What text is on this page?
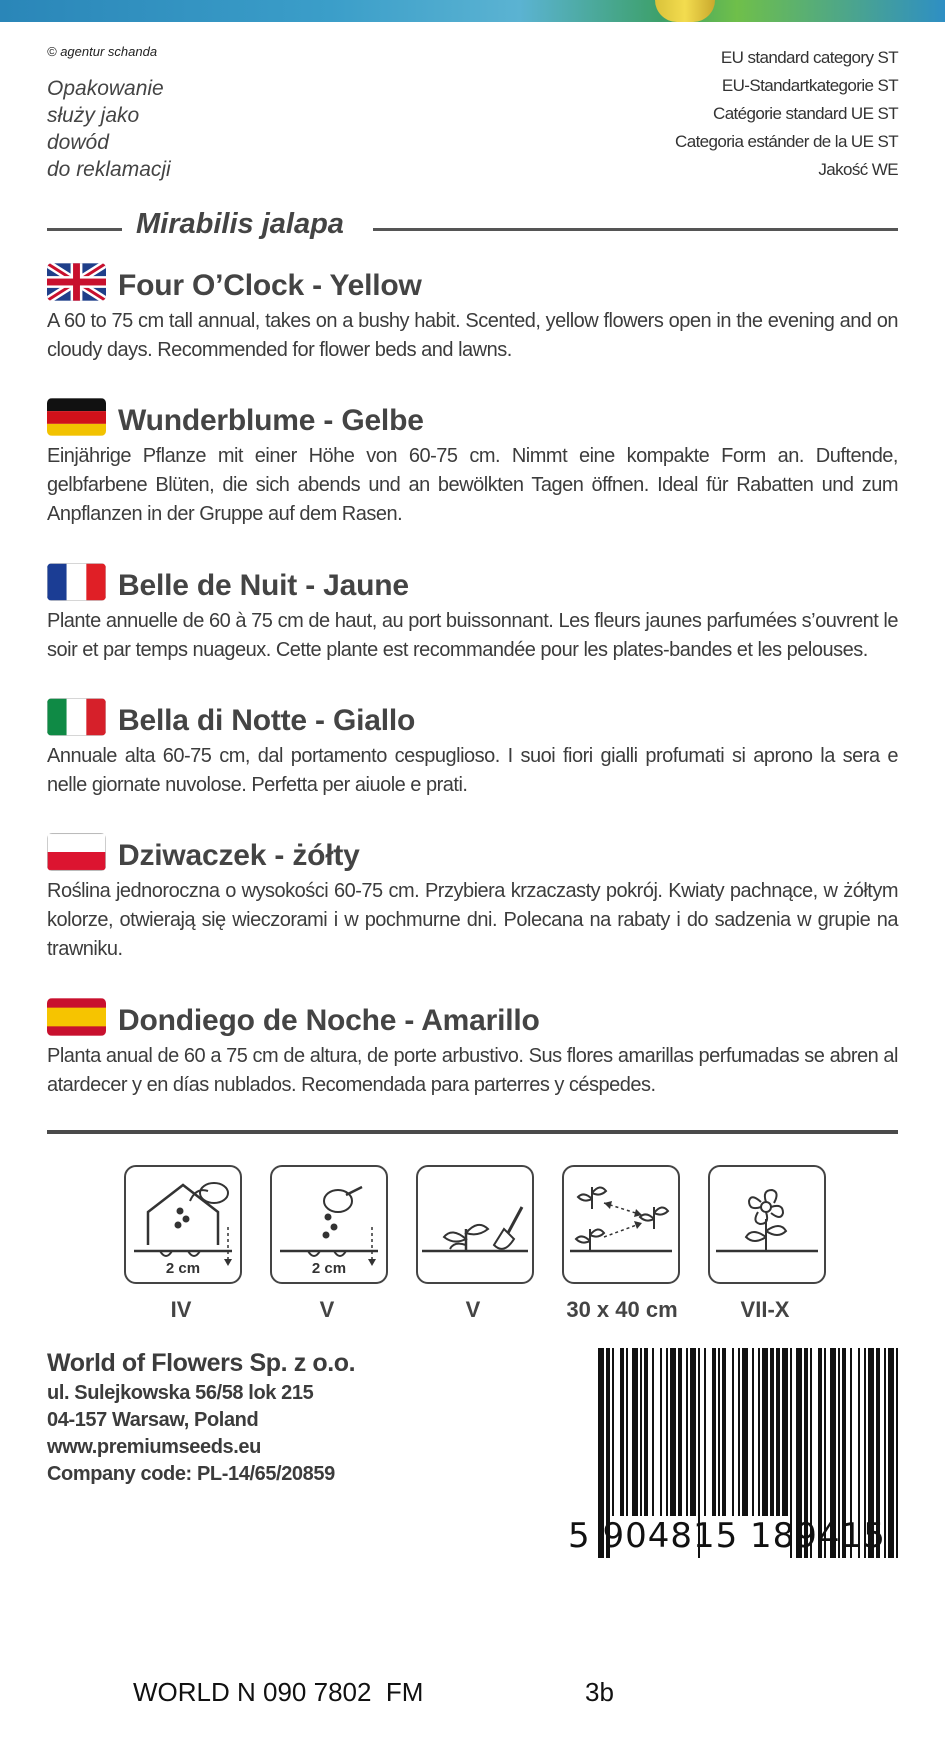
© agentur schanda
Opakowanie
służy jako
dowód
do reklamacji
EU standard category ST
EU-Standartkategorie ST
Catégorie standard UE ST
Categoria estánder de la UE ST
Jakość WE
Mirabilis jalapa
Four O’Clock - Yellow

A 60 to 75 cm tall annual, takes on a bushy habit. Scented, yellow flowers open in the evening and on cloudy days. Recommended for flower beds and lawns.

Wunderblume - Gelbe

Einjährige Pflanze mit einer Höhe von 60-75 cm. Nimmt eine kompakte Form an. Duftende, gelbfarbene Blüten, die sich abends und an bewölkten Tagen öffnen. Ideal für Rabatten und zum Anpflanzen in der Gruppe auf dem Rasen.

Belle de Nuit - Jaune

Plante annuelle de 60 à 75 cm de haut, au port buissonnant. Les fleurs jaunes parfumées s’ouvrent le soir et par temps nuageux. Cette plante est recommandée pour les plates-bandes et les pelouses.

Bella di Notte - Giallo

Annuale alta 60-75 cm, dal portamento cespuglioso. I suoi fiori gialli profumati si aprono la sera e nelle giornate nuvolose. Perfetta per aiuole e prati.

Dziwaczek - żółty

Roślina jednoroczna o wysokości 60-75 cm. Przybiera krzaczasty pokrój. Kwiaty pachnące, w żółtym kolorze, otwierają się wieczorami i w pochmurne dni. Polecana na rabaty i do sadzenia w grupie na trawniku.

Dondiego de Noche - Amarillo

Planta anual de 60 a 75 cm de altura, de porte arbustivo. Sus flores amarillas perfumadas se abren al atardecer y en días nublados. Recomendada para parterres y céspedes.

2 cm
IV
2 cm
V	V	30 x 40 cm	VII-X
World of Flowers Sp. z o.o.
ul. Sulejkowska 56/58 lok 215
04-157 Warsaw, Poland
www.premiumseeds.eu
Company code: PL-14/65/20859
5 904815 189415
WORLD N 090 7802  FM	3b
